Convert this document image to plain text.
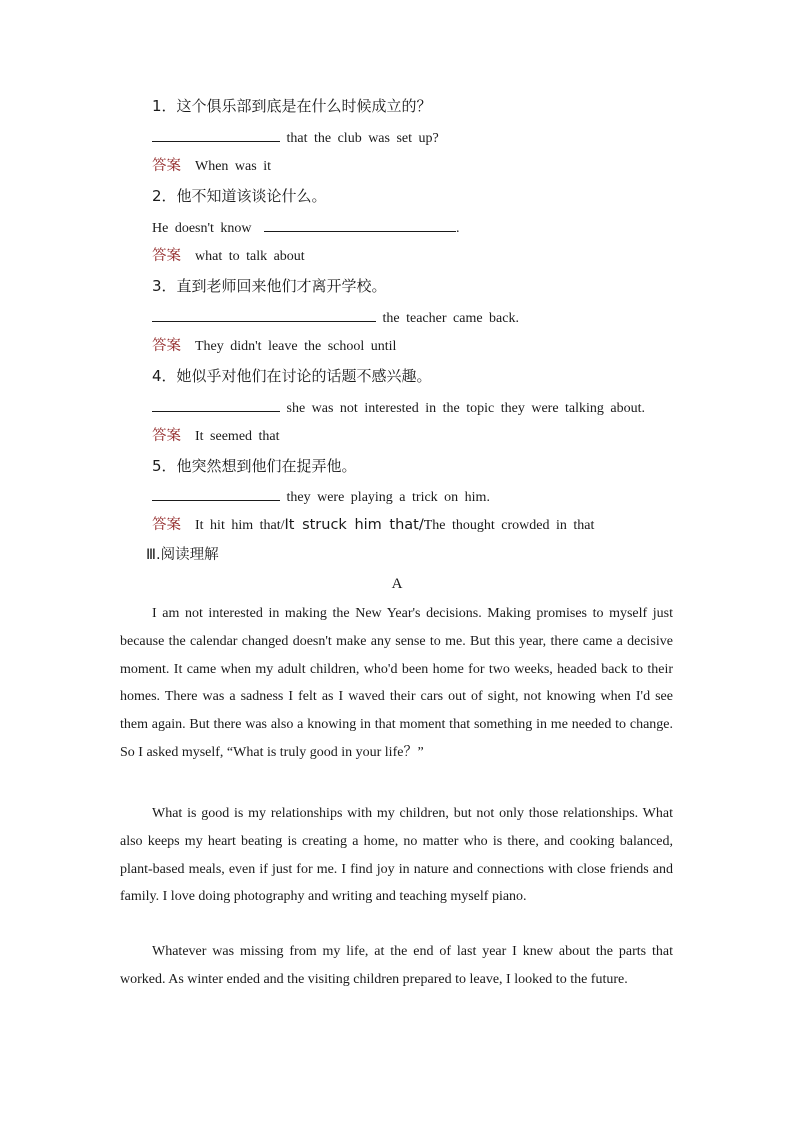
1．这个俱乐部到底是在什么时候成立的？
that the club was set up?
答案 When was it
2．他不知道该谈论什么。
He doesn't know	.
答案 what to talk about
3．直到老师回来他们才离开学校。
the teacher came back.
答案 They didn't leave the school until
4．她似乎对他们在讨论的话题不感兴趣。
she was not interested in the topic they were talking about.
答案 It seemed that
5．他突然想到他们在捉弄他。
they were playing a trick on him.
答案 It hit him that/It struck him that/The thought crowded in that
Ⅲ.阅读理解
A

I am not interested in making the New Year's decisions. Making promises to myself just because the calendar changed doesn't make any sense to me. But this year, there came a decisive moment. It came when my adult children, who'd been home for two weeks, headed back to their homes. There was a sadness I felt as I waved their cars out of sight, not knowing when I'd see them again. But there was also a knowing in that moment that something in me needed to change. So I asked myself, “What is truly good in your life？”

What is good is my relationships with my children, but not only those relationships. What also keeps my heart beating is creating a home, no matter who is there, and cooking balanced, plant-based meals, even if just for me. I find joy in nature and connections with close friends and family. I love doing photography and writing and teaching myself piano.

Whatever was missing from my life, at the end of last year I knew about the parts that worked. As winter ended and the visiting children prepared to leave, I looked to the future.
